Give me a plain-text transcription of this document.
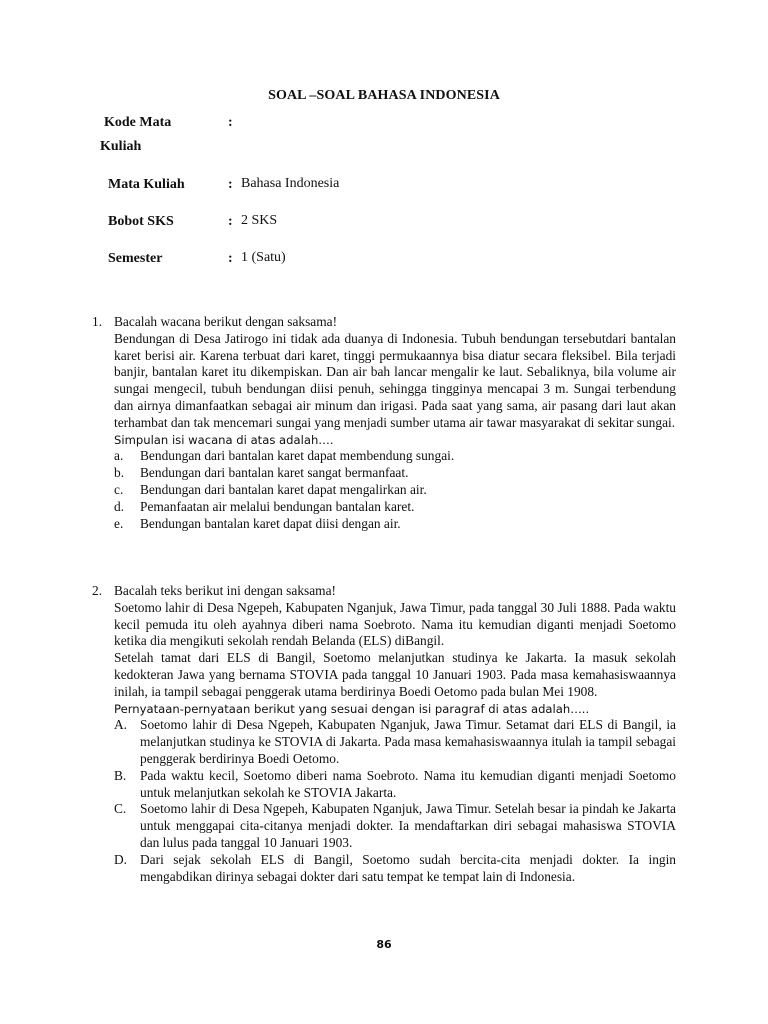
SOAL –SOAL BAHASA INDONESIA
Kode Mata	:
Kuliah
Mata Kuliah	: Bahasa Indonesia
Bobot SKS	: 2 SKS
Semester	: 1 (Satu)
1. Bacalah wacana berikut dengan saksama!

Bendungan di Desa Jatirogo ini tidak ada duanya di Indonesia. Tubuh bendungan tersebutdari bantalan karet berisi air. Karena terbuat dari karet, tinggi permukaannya bisa diatur secara fleksibel. Bila terjadi banjir, bantalan karet itu dikempiskan. Dan air bah lancar mengalir ke laut. Sebaliknya, bila volume air sungai mengecil, tubuh bendungan diisi penuh, sehingga tingginya mencapai 3 m. Sungai terbendung dan airnya dimanfaatkan sebagai air minum dan irigasi. Pada saat yang sama, air pasang dari laut akan terhambat dan tak mencemari sungai yang menjadi sumber utama air tawar masyarakat di sekitar sungai.

Simpulan isi wacana di atas adalah….

a. Bendungan dari bantalan karet dapat membendung sungai.
b. Bendungan dari bantalan karet sangat bermanfaat.
c. Bendungan dari bantalan karet dapat mengalirkan air.
d. Pemanfaatan air melalui bendungan bantalan karet.
e. Bendungan bantalan karet dapat diisi dengan air.
2. Bacalah teks berikut ini dengan saksama!

Soetomo lahir di Desa Ngepeh, Kabupaten Nganjuk, Jawa Timur, pada tanggal 30 Juli 1888. Pada waktu kecil pemuda itu oleh ayahnya diberi nama Soebroto. Nama itu kemudian diganti menjadi Soetomo ketika dia mengikuti sekolah rendah Belanda (ELS) diBangil.

Setelah tamat dari ELS di Bangil, Soetomo melanjutkan studinya ke Jakarta. Ia masuk sekolah kedokteran Jawa yang bernama STOVIA pada tanggal 10 Januari 1903. Pada masa kemahasiswaannya inilah, ia tampil sebagai penggerak utama berdirinya Boedi Oetomo pada bulan Mei 1908.

Pernyataan-pernyataan berikut yang sesuai dengan isi paragraf di atas adalah…..

A. Soetomo lahir di Desa Ngepeh, Kabupaten Nganjuk, Jawa Timur. Setamat dari ELS di Bangil, ia melanjutkan studinya ke STOVIA di Jakarta. Pada masa kemahasiswaannya itulah ia tampil sebagai penggerak berdirinya Boedi Oetomo.
B. Pada waktu kecil, Soetomo diberi nama Soebroto. Nama itu kemudian diganti menjadi Soetomo untuk melanjutkan sekolah ke STOVIA Jakarta.
C. Soetomo lahir di Desa Ngepeh, Kabupaten Nganjuk, Jawa Timur. Setelah besar ia pindah ke Jakarta untuk menggapai cita-citanya menjadi dokter. Ia mendaftarkan diri sebagai mahasiswa STOVIA dan lulus pada tanggal 10 Januari 1903.
D. Dari sejak sekolah ELS di Bangil, Soetomo sudah bercita-cita menjadi dokter. Ia ingin mengabdikan dirinya sebagai dokter dari satu tempat ke tempat lain di Indonesia.
86
